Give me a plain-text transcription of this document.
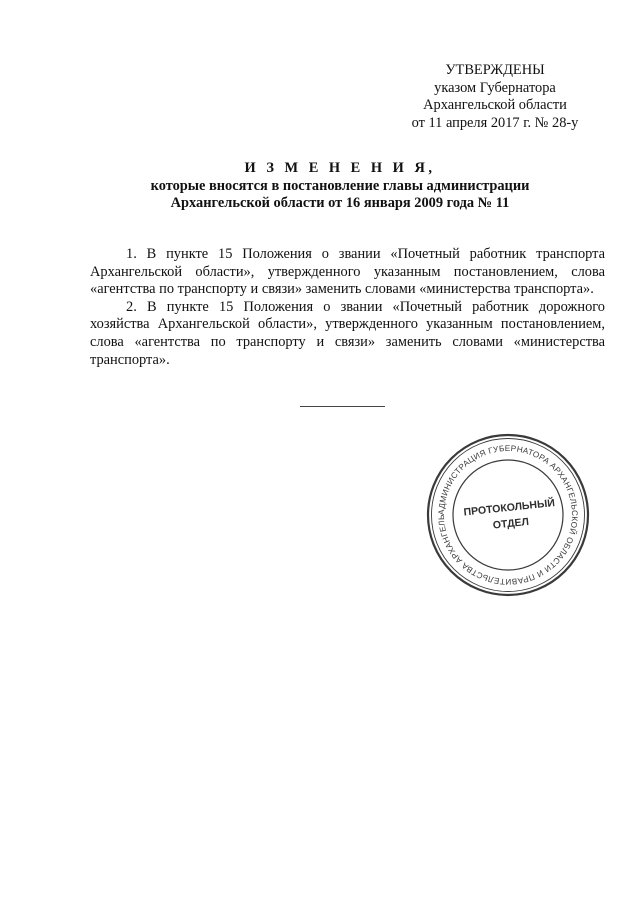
УТВЕРЖДЕНЫ
указом Губернатора
Архангельской области
от 11 апреля 2017 г. № 28-у
И З М Е Н Е Н И Я,
которые вносятся в постановление главы администрации
Архангельской области от 16 января 2009 года № 11

1. В пункте 15 Положения о звании «Почетный работник транспорта Архангельской области», утвержденного указанным постановлением, слова «агентства по транспорту и связи» заменить словами «министерства транспорта».

2. В пункте 15 Положения о звании «Почетный работник дорожного хозяйства Архангельской области», утвержденного указанным постановлением, слова «агентства по транспорту и связи» заменить словами «министерства транспорта».

АДМИНИСТРАЦИЯ ГУБЕРНАТОРА АРХАНГЕЛЬСКОЙ ОБЛАСТИ И ПРАВИТЕЛЬСТВА АРХАНГЕЛЬ	ПРОТОКОЛЬНЫЙ
ОТДЕЛ
